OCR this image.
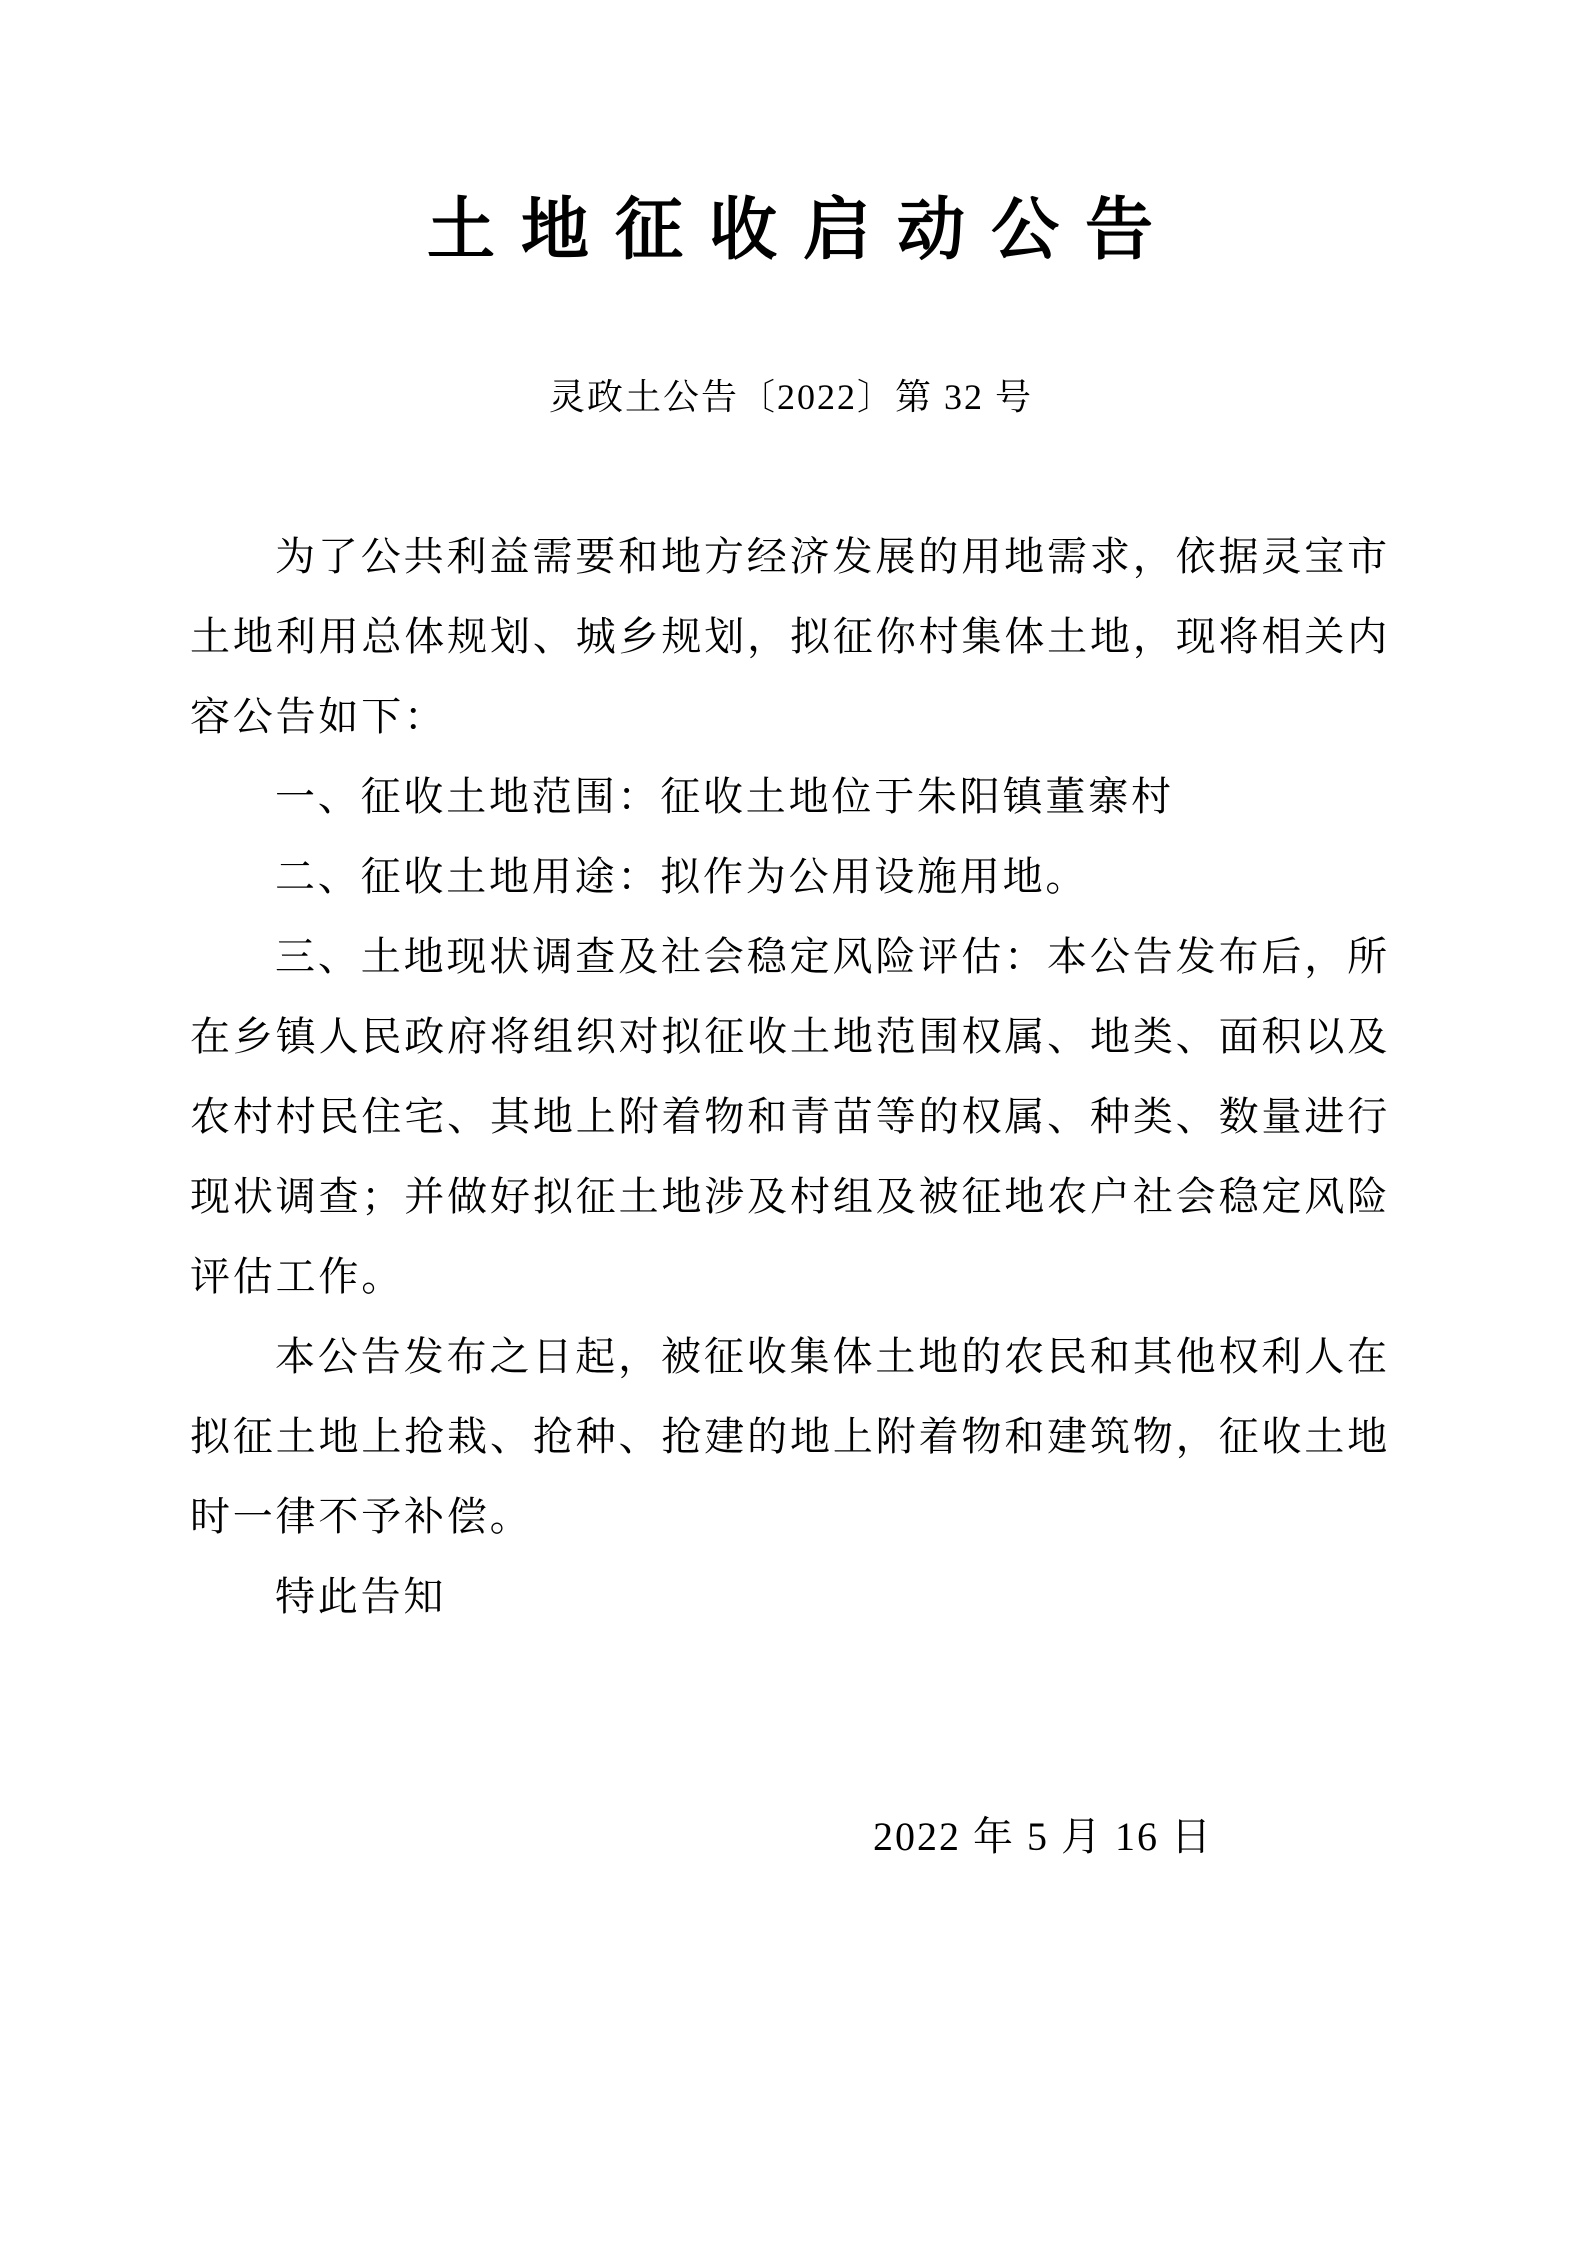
土地征收启动公告
灵政土公告〔2022〕第 32 号

为了公共利益需要和地方经济发展的用地需求，依据灵宝市土地利用总体规划、城乡规划，拟征你村集体土地，现将相关内容公告如下：

一、征收土地范围：征收土地位于朱阳镇董寨村

二、征收土地用途：拟作为公用设施用地。

三、土地现状调查及社会稳定风险评估：本公告发布后，所在乡镇人民政府将组织对拟征收土地范围权属、地类、面积以及农村村民住宅、其地上附着物和青苗等的权属、种类、数量进行现状调查；并做好拟征土地涉及村组及被征地农户社会稳定风险评估工作。

本公告发布之日起，被征收集体土地的农民和其他权利人在拟征土地上抢栽、抢种、抢建的地上附着物和建筑物，征收土地时一律不予补偿。

特此告知

2022 年 5 月 16 日
